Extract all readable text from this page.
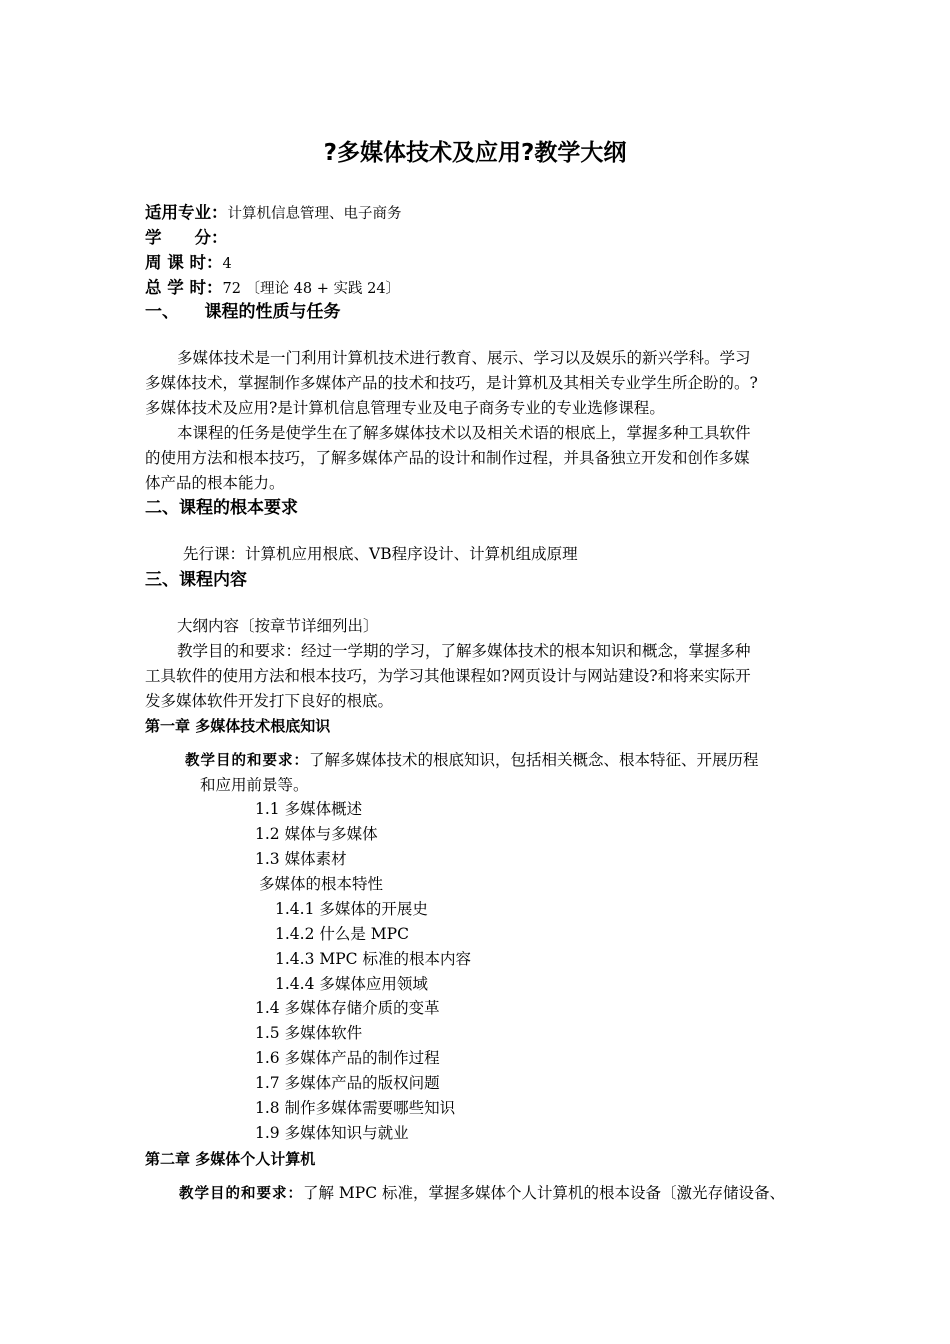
?多媒体技术及应用?教学大纲
适用专业：计算机信息管理、电子商务
学　　分：
周 课 时：4
总 学 时：72 〔理论 48 + 实践 24〕
一、　　课程的性质与任务
多媒体技术是一门利用计算机技术进行教育、展示、学习以及娱乐的新兴学科。学习
多媒体技术，掌握制作多媒体产品的技术和技巧，是计算机及其相关专业学生所企盼的。?
多媒体技术及应用?是计算机信息管理专业及电子商务专业的专业选修课程。
本课程的任务是使学生在了解多媒体技术以及相关术语的根底上，掌握多种工具软件
的使用方法和根本技巧，了解多媒体产品的设计和制作过程，并具备独立开发和创作多媒
体产品的根本能力。
二、课程的根本要求
先行课：计算机应用根底、VB程序设计、计算机组成原理
三、课程内容
大纲内容〔按章节详细列出〕
教学目的和要求：经过一学期的学习，了解多媒体技术的根本知识和概念，掌握多种
工具软件的使用方法和根本技巧，为学习其他课程如?网页设计与网站建设?和将来实际开
发多媒体软件开发打下良好的根底。
第一章 多媒体技术根底知识
教学目的和要求：了解多媒体技术的根底知识，包括相关概念、根本特征、开展历程
和应用前景等。
1.1 多媒体概述
1.2 媒体与多媒体
1.3 媒体素材
多媒体的根本特性
1.4.1 多媒体的开展史
1.4.2 什么是 MPC
1.4.3 MPC 标准的根本内容
1.4.4 多媒体应用领域
1.4 多媒体存储介质的变革
1.5 多媒体软件
1.6 多媒体产品的制作过程
1.7 多媒体产品的版权问题
1.8 制作多媒体需要哪些知识
1.9 多媒体知识与就业
第二章 多媒体个人计算机
教学目的和要求：了解 MPC 标准，掌握多媒体个人计算机的根本设备〔激光存储设备、
